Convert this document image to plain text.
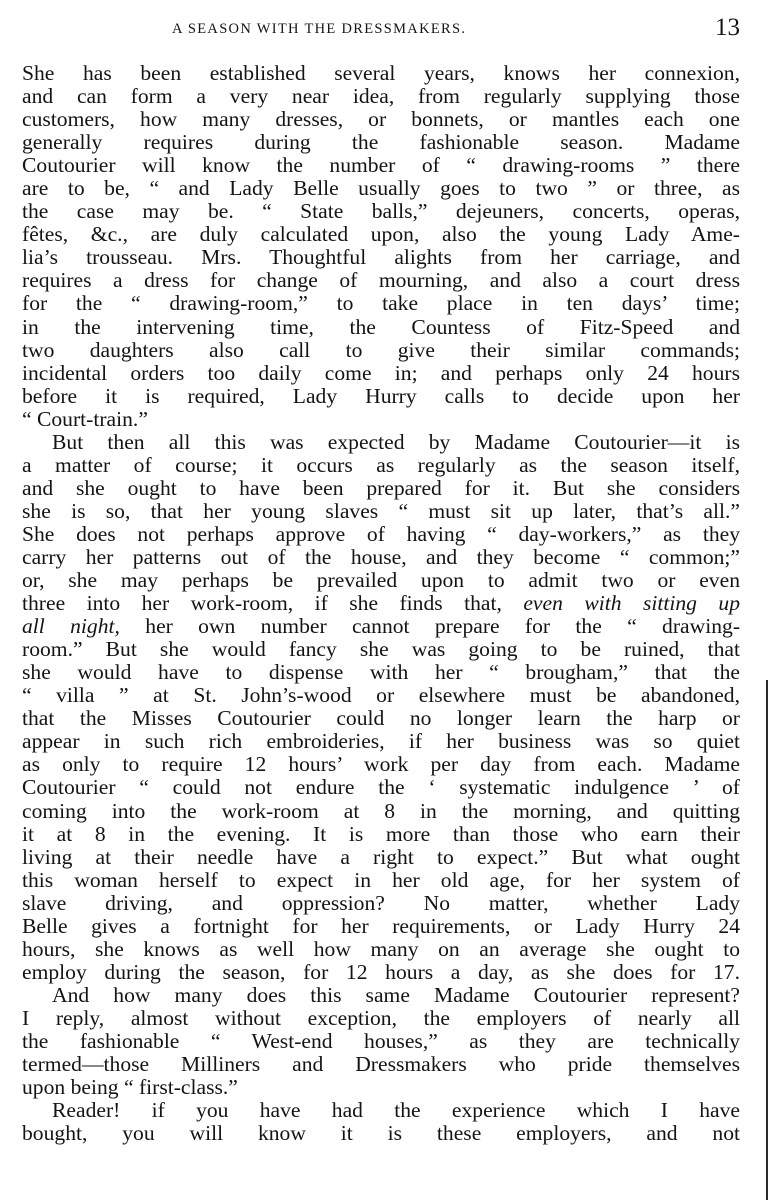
A SEASON WITH THE DRESSMAKERS.	13
She has been established several years, knows her connexion,
and can form a very near idea, from regularly supplying those
customers, how many dresses, or bonnets, or mantles each one
generally requires during the fashionable season. Madame
Coutourier will know the number of “ drawing-rooms ” there
are to be, “ and Lady Belle usually goes to two ” or three, as
the case may be. “ State balls,” dejeuners, concerts, operas,
fêtes, &c., are duly calculated upon, also the young Lady Ame-
lia’s trousseau. Mrs. Thoughtful alights from her carriage, and
requires a dress for change of mourning, and also a court dress
for the “ drawing-room,” to take place in ten days’ time;
in the intervening time, the Countess of Fitz-Speed and
two daughters also call to give their similar commands;
incidental orders too daily come in; and perhaps only 24 hours
before it is required, Lady Hurry calls to decide upon her
“ Court-train.”
But then all this was expected by Madame Coutourier—it is
a matter of course; it occurs as regularly as the season itself,
and she ought to have been prepared for it. But she considers
she is so, that her young slaves “ must sit up later, that’s all.”
She does not perhaps approve of having “ day-workers,” as they
carry her patterns out of the house, and they become “ common;”
or, she may perhaps be prevailed upon to admit two or even
three into her work-room, if she finds that, even with sitting up
all night, her own number cannot prepare for the “ drawing-
room.” But she would fancy she was going to be ruined, that
she would have to dispense with her “ brougham,” that the
“ villa ” at St. John’s-wood or elsewhere must be abandoned,
that the Misses Coutourier could no longer learn the harp or
appear in such rich embroideries, if her business was so quiet
as only to require 12 hours’ work per day from each. Madame
Coutourier “ could not endure the ‘ systematic indulgence ’ of
coming into the work-room at 8 in the morning, and quitting
it at 8 in the evening. It is more than those who earn their
living at their needle have a right to expect.” But what ought
this woman herself to expect in her old age, for her system of
slave driving, and oppression? No matter, whether Lady
Belle gives a fortnight for her requirements, or Lady Hurry 24
hours, she knows as well how many on an average she ought to
employ during the season, for 12 hours a day, as she does for 17.
And how many does this same Madame Coutourier represent?
I reply, almost without exception, the employers of nearly all
the fashionable “ West-end houses,” as they are technically
termed—those Milliners and Dressmakers who pride themselves
upon being “ first-class.”
Reader! if you have had the experience which I have
bought, you will know it is these employers, and not
